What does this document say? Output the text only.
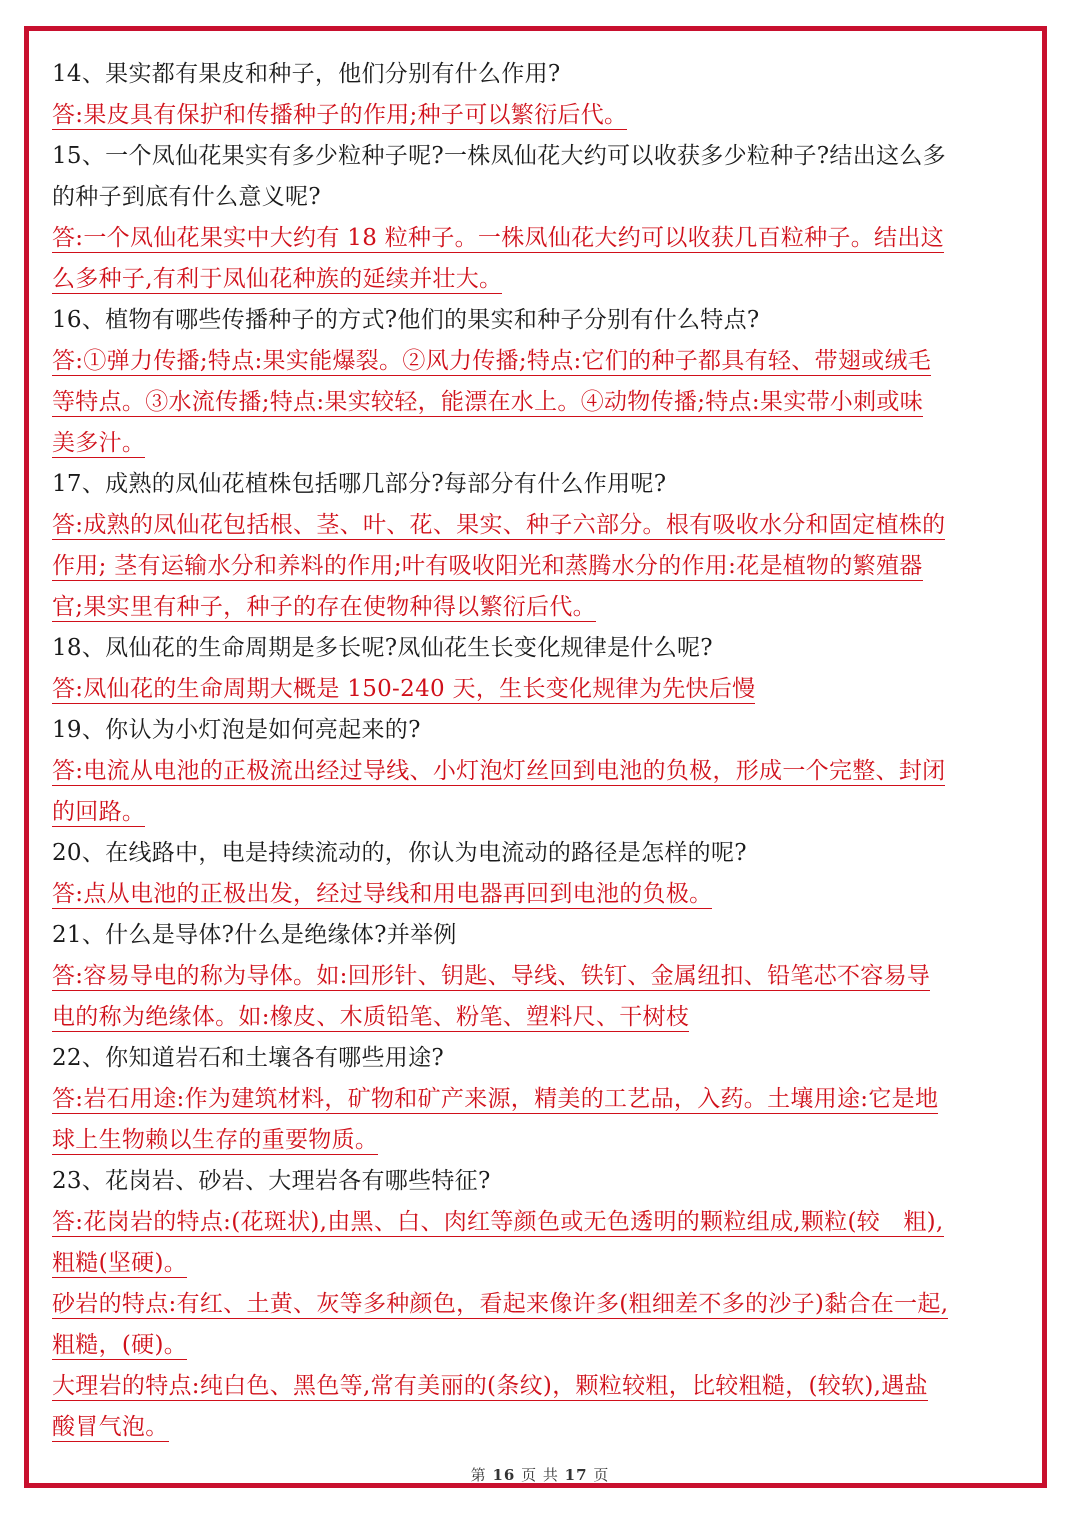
14、果实都有果皮和种子，他们分别有什么作用?
答:果皮具有保护和传播种子的作用;种子可以繁衍后代。
15、一个凤仙花果实有多少粒种子呢?一株凤仙花大约可以收获多少粒种子?结出这么多
的种子到底有什么意义呢?
答:一个凤仙花果实中大约有 18 粒种子。一株凤仙花大约可以收获几百粒种子。结出这
么多种子,有利于凤仙花种族的延续并壮大。
16、植物有哪些传播种子的方式?他们的果实和种子分别有什么特点?
答:①弹力传播;特点:果实能爆裂。②风力传播;特点:它们的种子都具有轻、带翅或绒毛
等特点。③水流传播;特点:果实较轻，能漂在水上。④动物传播;特点:果实带小刺或味
美多汁。
17、成熟的凤仙花植株包括哪几部分?每部分有什么作用呢?
答:成熟的凤仙花包括根、茎、叶、花、果实、种子六部分。根有吸收水分和固定植株的
作用; 茎有运输水分和养料的作用;叶有吸收阳光和蒸腾水分的作用:花是植物的繁殖器
官;果实里有种子，种子的存在使物种得以繁衍后代。
18、凤仙花的生命周期是多长呢?凤仙花生长变化规律是什么呢?
答:凤仙花的生命周期大概是 150-240 天，生长变化规律为先快后慢
19、你认为小灯泡是如何亮起来的?
答:电流从电池的正极流出经过导线、小灯泡灯丝回到电池的负极，形成一个完整、封闭
的回路。
20、在线路中，电是持续流动的，你认为电流动的路径是怎样的呢?
答:点从电池的正极出发，经过导线和用电器再回到电池的负极。
21、什么是导体?什么是绝缘体?并举例
答:容易导电的称为导体。如:回形针、钥匙、导线、铁钉、金属纽扣、铅笔芯不容易导
电的称为绝缘体。如:橡皮、木质铅笔、粉笔、塑料尺、干树枝
22、你知道岩石和土壤各有哪些用途?
答:岩石用途:作为建筑材料，矿物和矿产来源，精美的工艺品，入药。土壤用途:它是地
球上生物赖以生存的重要物质。
23、花岗岩、砂岩、大理岩各有哪些特征?
答:花岗岩的特点:(花斑状),由黑、白、肉红等颜色或无色透明的颗粒组成,颗粒(较　粗),
粗糙(坚硬)。
砂岩的特点:有红、土黄、灰等多种颜色，看起来像许多(粗细差不多的沙子)黏合在一起,
粗糙，(硬)。
大理岩的特点:纯白色、黑色等,常有美丽的(条纹)，颗粒较粗，比较粗糙，(较软),遇盐
酸冒气泡。
第 16 页 共 17 页
